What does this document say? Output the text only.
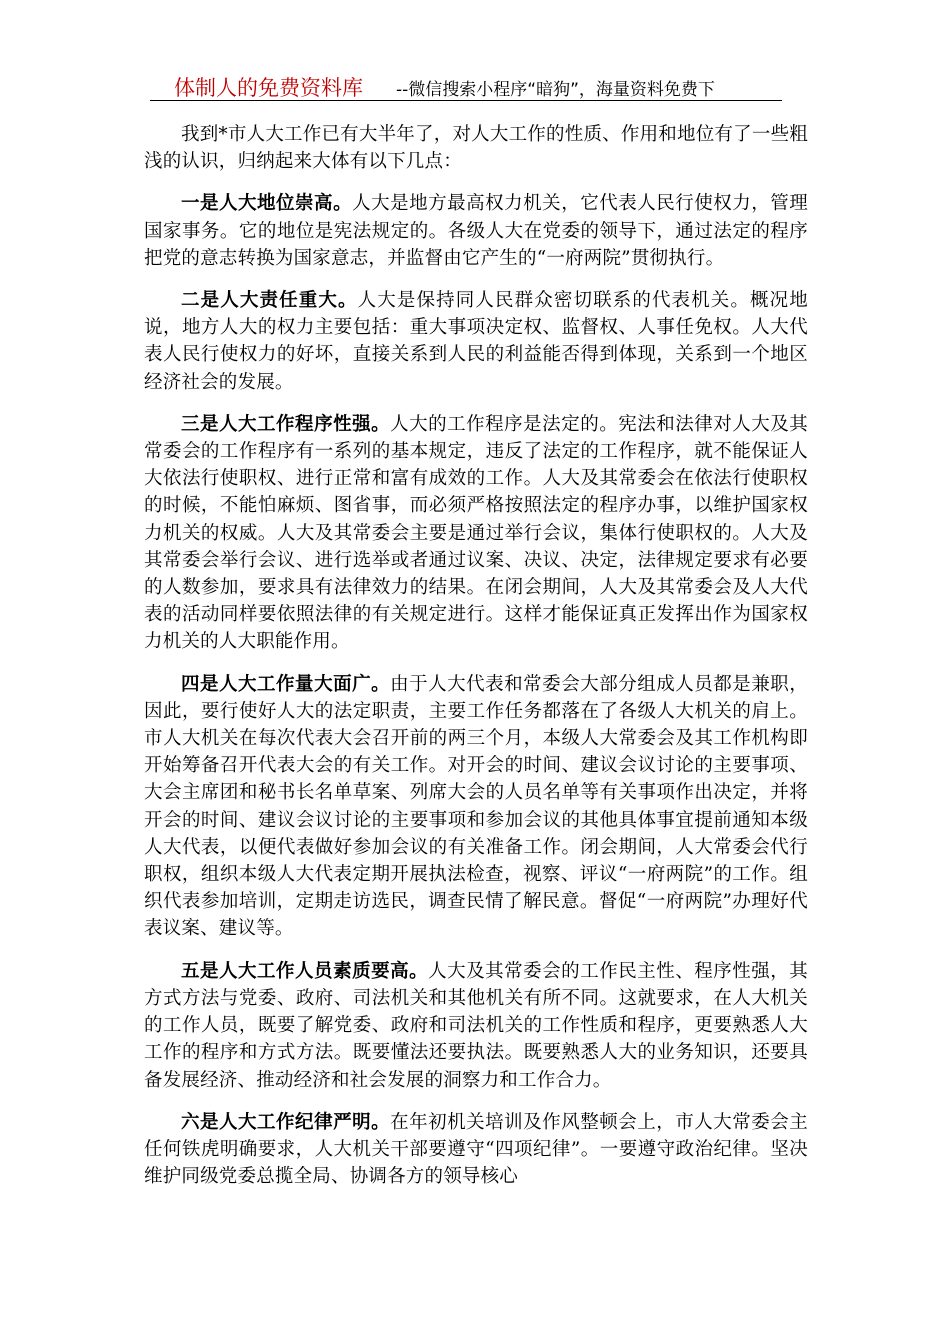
体制人的免费资料库 --微信搜索小程序“暗狗”，海量资料免费下

我到*市人大工作已有大半年了，对人大工作的性质、作用和地位有了一些粗浅的认识，归纳起来大体有以下几点：

一是人大地位崇高。人大是地方最高权力机关，它代表人民行使权力，管理国家事务。它的地位是宪法规定的。各级人大在党委的领导下，通过法定的程序把党的意志转换为国家意志，并监督由它产生的“一府两院”贯彻执行。

二是人大责任重大。人大是保持同人民群众密切联系的代表机关。概况地说，地方人大的权力主要包括：重大事项决定权、监督权、人事任免权。人大代表人民行使权力的好坏，直接关系到人民的利益能否得到体现，关系到一个地区经济社会的发展。

三是人大工作程序性强。人大的工作程序是法定的。宪法和法律对人大及其常委会的工作程序有一系列的基本规定，违反了法定的工作程序，就不能保证人大依法行使职权、进行正常和富有成效的工作。人大及其常委会在依法行使职权的时候，不能怕麻烦、图省事，而必须严格按照法定的程序办事，以维护国家权力机关的权威。人大及其常委会主要是通过举行会议，集体行使职权的。人大及其常委会举行会议、进行选举或者通过议案、决议、决定，法律规定要求有必要的人数参加，要求具有法律效力的结果。在闭会期间，人大及其常委会及人大代表的活动同样要依照法律的有关规定进行。这样才能保证真正发挥出作为国家权力机关的人大职能作用。

四是人大工作量大面广。由于人大代表和常委会大部分组成人员都是兼职，因此，要行使好人大的法定职责，主要工作任务都落在了各级人大机关的肩上。市人大机关在每次代表大会召开前的两三个月，本级人大常委会及其工作机构即开始筹备召开代表大会的有关工作。对开会的时间、建议会议讨论的主要事项、大会主席团和秘书长名单草案、列席大会的人员名单等有关事项作出决定，并将开会的时间、建议会议讨论的主要事项和参加会议的其他具体事宜提前通知本级人大代表，以便代表做好参加会议的有关准备工作。闭会期间，人大常委会代行职权，组织本级人大代表定期开展执法检查，视察、评议“一府两院”的工作。组织代表参加培训，定期走访选民，调查民情了解民意。督促“一府两院”办理好代表议案、建议等。

五是人大工作人员素质要高。人大及其常委会的工作民主性、程序性强，其方式方法与党委、政府、司法机关和其他机关有所不同。这就要求，在人大机关的工作人员，既要了解党委、政府和司法机关的工作性质和程序，更要熟悉人大工作的程序和方式方法。既要懂法还要执法。既要熟悉人大的业务知识，还要具备发展经济、推动经济和社会发展的洞察力和工作合力。

六是人大工作纪律严明。在年初机关培训及作风整顿会上，市人大常委会主任何铁虎明确要求，人大机关干部要遵守“四项纪律”。一要遵守政治纪律。坚决维护同级党委总揽全局、协调各方的领导核心
